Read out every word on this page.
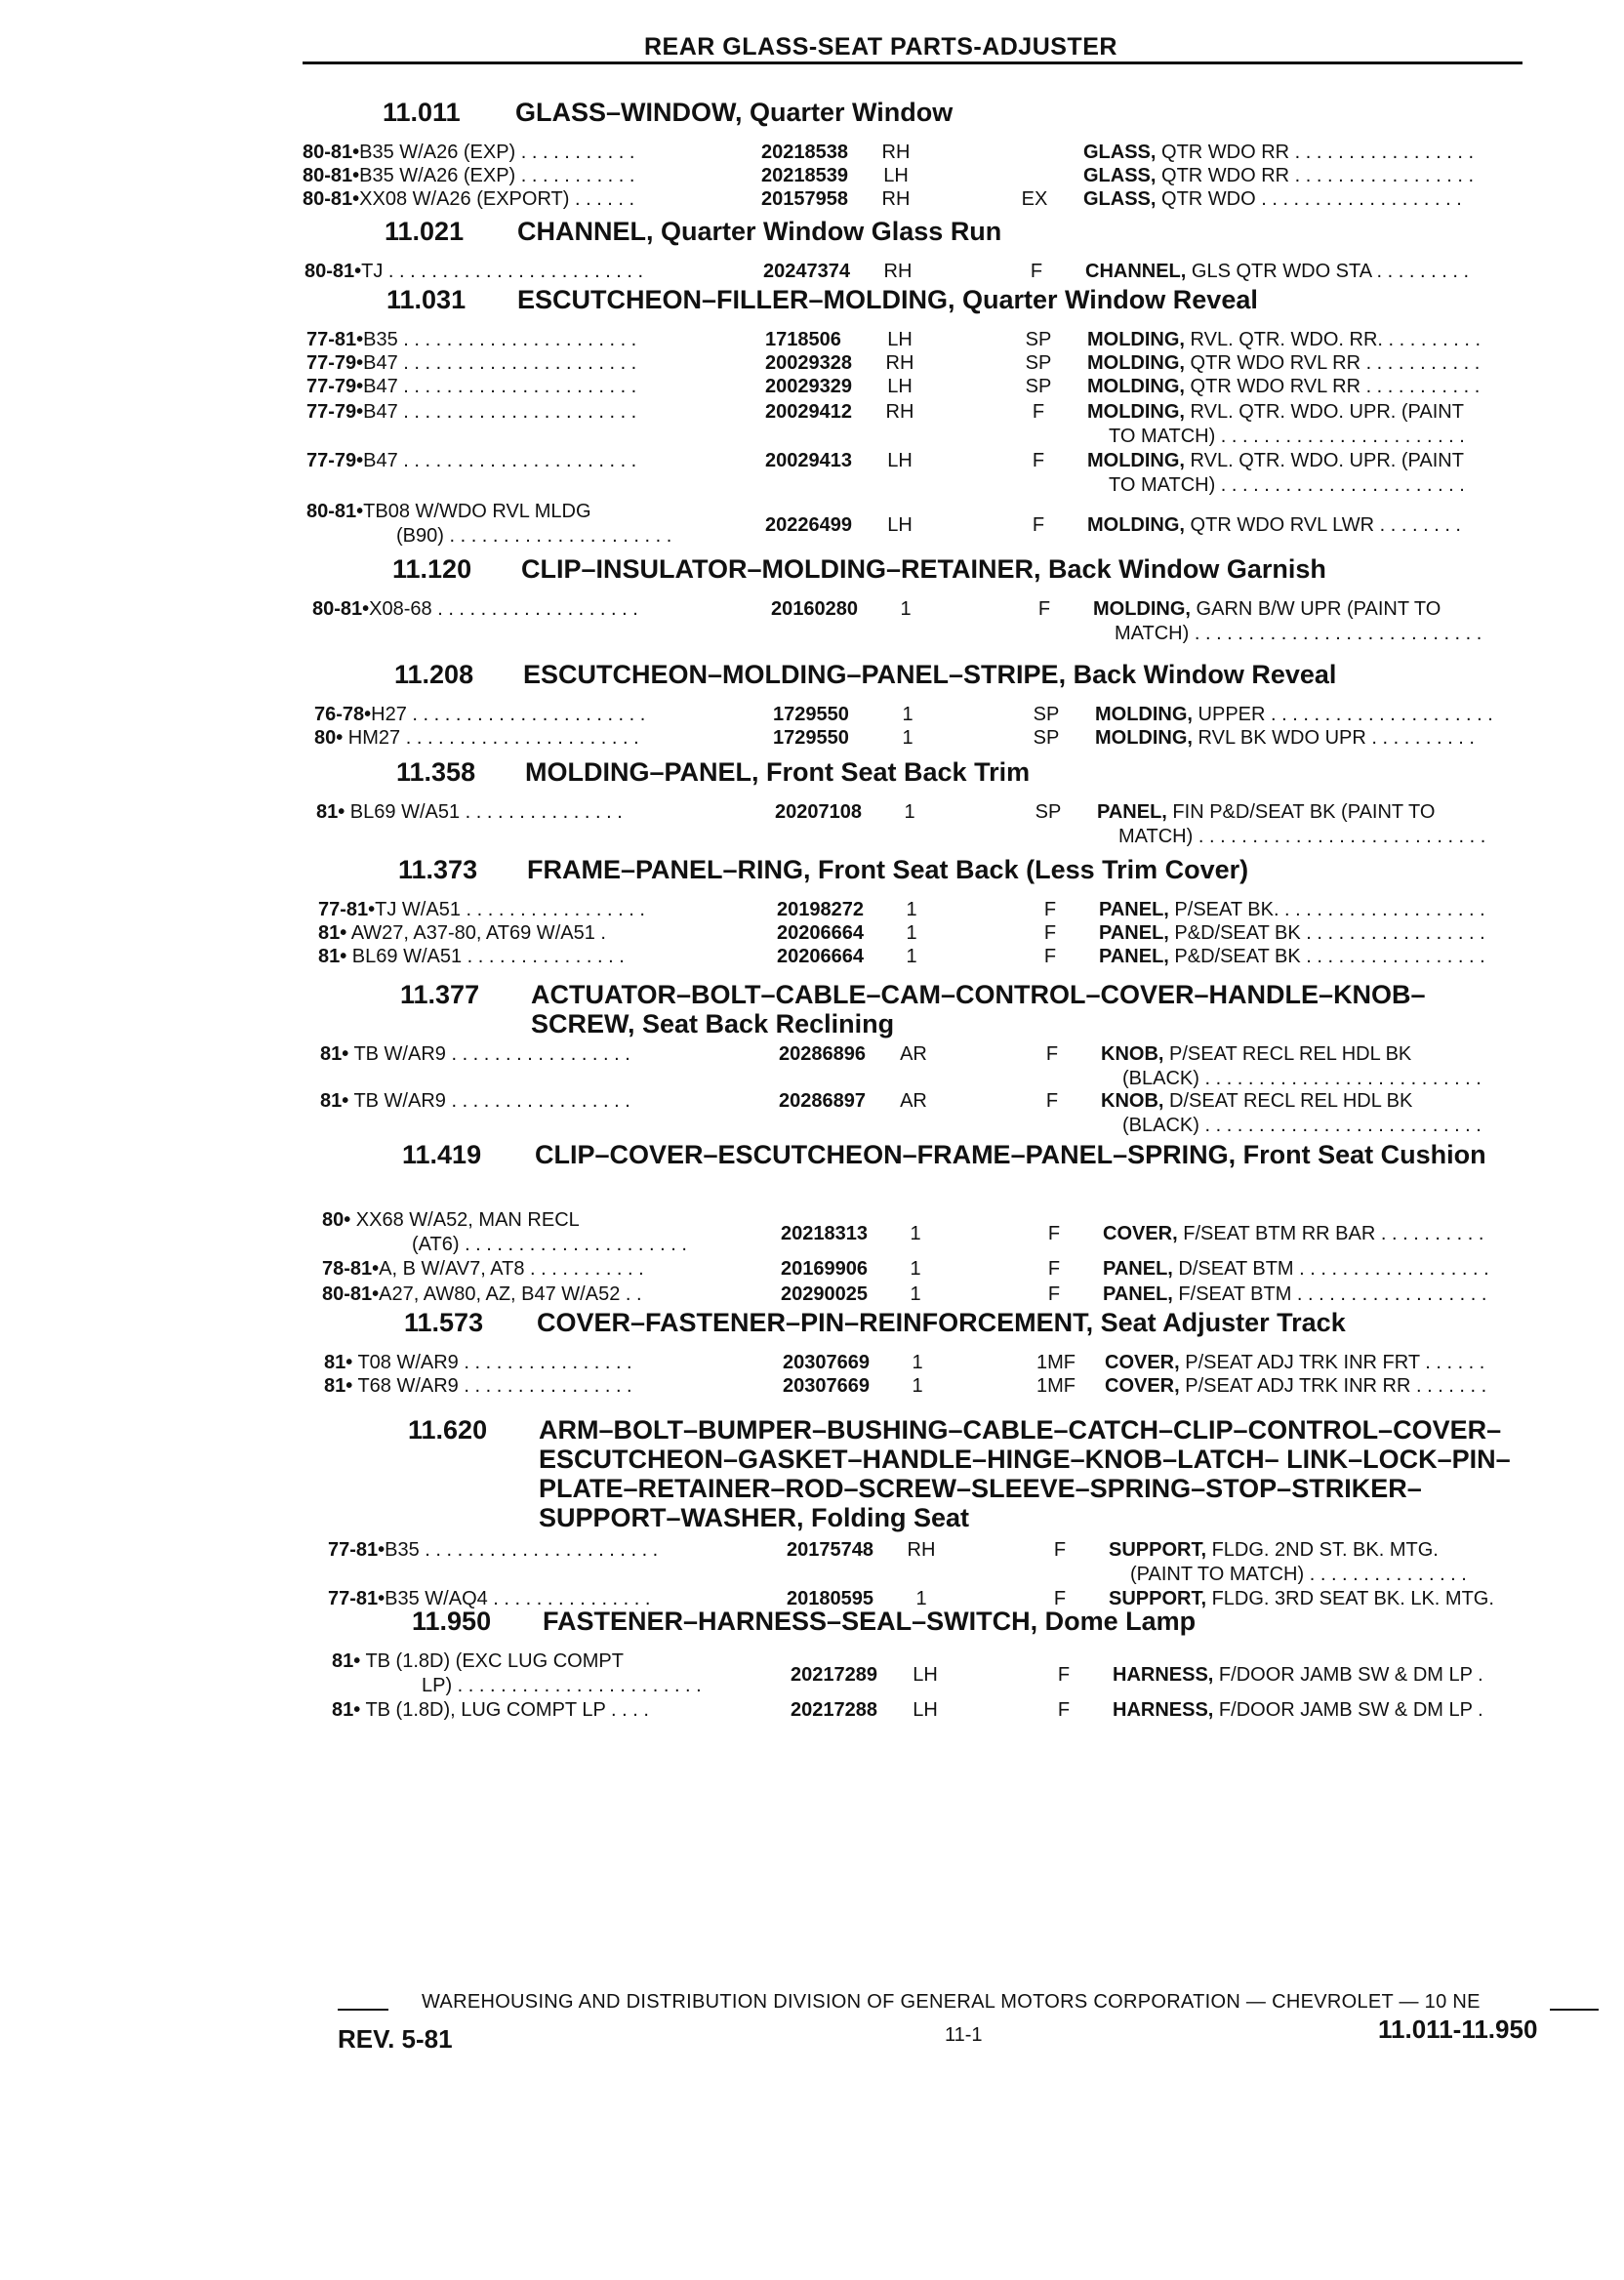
REAR GLASS-SEAT PARTS-ADJUSTER
11.011 GLASS–WINDOW, Quarter Window
80-81•B35 W/A26 (EXP) . . . . . . . . . . .	20218538 RH	GLASS, QTR WDO RR . . . . . . . . . . . . . . . . .
80-81•B35 W/A26 (EXP) . . . . . . . . . . .	20218539	LH	GLASS, QTR WDO RR . . . . . . . . . . . . . . . . .
80-81•XX08 W/A26 (EXPORT) . . . . . .	20157958 RH	EX	GLASS, QTR WDO . . . . . . . . . . . . . . . . . . .
11.021 CHANNEL, Quarter Window Glass Run
80-81•TJ . . . . . . . . . . . . . . . . . . . . . . . .	20247374 RH	F	CHANNEL, GLS QTR WDO STA . . . . . . . . .
11.031 ESCUTCHEON–FILLER–MOLDING, Quarter Window Reveal
77-81•B35 . . . . . . . . . . . . . . . . . . . . . .	1718506	LH	SP	MOLDING, RVL. QTR. WDO. RR. . . . . . . . . .
77-79•B47 . . . . . . . . . . . . . . . . . . . . . .	20029328 RH	SP	MOLDING, QTR WDO RVL RR . . . . . . . . . . .
77-79•B47 . . . . . . . . . . . . . . . . . . . . . .	20029329	LH	SP	MOLDING, QTR WDO RVL RR . . . . . . . . . . .
77-79•B47 . . . . . . . . . . . . . . . . . . . . . .	20029412 RH	F	MOLDING, RVL. QTR. WDO. UPR. (PAINT
TO MATCH) . . . . . . . . . . . . . . . . . . . . . . .
77-79•B47 . . . . . . . . . . . . . . . . . . . . . .	20029413	LH	F	MOLDING, RVL. QTR. WDO. UPR. (PAINT
TO MATCH) . . . . . . . . . . . . . . . . . . . . . . .
80-81•TB08 W/WDO RVL MLDG
(B90) . . . . . . . . . . . . . . . . . . . . .	20226499	LH	F	MOLDING, QTR WDO RVL LWR . . . . . . . .
11.120 CLIP–INSULATOR–MOLDING–RETAINER, Back Window Garnish
80-81•X08-68 . . . . . . . . . . . . . . . . . . .	20160280	1	F	MOLDING, GARN B/W UPR (PAINT TO
MATCH) . . . . . . . . . . . . . . . . . . . . . . . . . . .
11.208 ESCUTCHEON–MOLDING–PANEL–STRIPE, Back Window Reveal
76-78•H27 . . . . . . . . . . . . . . . . . . . . . .	1729550	1	SP	MOLDING, UPPER . . . . . . . . . . . . . . . . . . . . .
80• HM27 . . . . . . . . . . . . . . . . . . . . . .	1729550	1	SP	MOLDING, RVL BK WDO UPR . . . . . . . . . .
11.358 MOLDING–PANEL, Front Seat Back Trim
81• BL69 W/A51 . . . . . . . . . . . . . . .	20207108	1	SP	PANEL, FIN P&D/SEAT BK (PAINT TO
MATCH) . . . . . . . . . . . . . . . . . . . . . . . . . . .
11.373 FRAME–PANEL–RING, Front Seat Back (Less Trim Cover)
77-81•TJ W/A51 . . . . . . . . . . . . . . . . .	20198272	1	F	PANEL, P/SEAT BK. . . . . . . . . . . . . . . . . . . .
81• AW27, A37-80, AT69 W/A51 .	20206664	1	F	PANEL, P&D/SEAT BK . . . . . . . . . . . . . . . . .
81• BL69 W/A51 . . . . . . . . . . . . . . .	20206664	1	F	PANEL, P&D/SEAT BK . . . . . . . . . . . . . . . . .
11.377 ACTUATOR–BOLT–CABLE–CAM–CONTROL–COVER–HANDLE–KNOB–SCREW, Seat Back Reclining
81• TB W/AR9 . . . . . . . . . . . . . . . . .	20286896	AR	F	KNOB, P/SEAT RECL REL HDL BK
(BLACK) . . . . . . . . . . . . . . . . . . . . . . . . . .
81• TB W/AR9 . . . . . . . . . . . . . . . . .	20286897	AR	F	KNOB, D/SEAT RECL REL HDL BK
(BLACK) . . . . . . . . . . . . . . . . . . . . . . . . . .
11.419 CLIP–COVER–ESCUTCHEON–FRAME–PANEL–SPRING, Front Seat Cushion
80• XX68 W/A52, MAN RECL
(AT6) . . . . . . . . . . . . . . . . . . . . .	20218313	1	F	COVER, F/SEAT BTM RR BAR . . . . . . . . . .
78-81•A, B W/AV7, AT8 . . . . . . . . . . .	20169906	1	F	PANEL, D/SEAT BTM . . . . . . . . . . . . . . . . . .
80-81•A27, AW80, AZ, B47 W/A52 . .	20290025	1	F	PANEL, F/SEAT BTM . . . . . . . . . . . . . . . . . .
11.573 COVER–FASTENER–PIN–REINFORCEMENT, Seat Adjuster Track
81• T08 W/AR9 . . . . . . . . . . . . . . . .	20307669	1	1MF	COVER, P/SEAT ADJ TRK INR FRT . . . . . .
81• T68 W/AR9 . . . . . . . . . . . . . . . .	20307669	1	1MF	COVER, P/SEAT ADJ TRK INR RR . . . . . . .
11.620 ARM–BOLT–BUMPER–BUSHING–CABLE–CATCH–CLIP–CONTROL–COVER–ESCUTCHEON–GASKET–HANDLE–HINGE–KNOB–LATCH– LINK–LOCK–PIN–PLATE–RETAINER–ROD–SCREW–SLEEVE–SPRING–STOP–STRIKER–SUPPORT–WASHER, Folding Seat
77-81•B35 . . . . . . . . . . . . . . . . . . . . . .	20175748 RH	F	SUPPORT, FLDG. 2ND ST. BK. MTG.
(PAINT TO MATCH) . . . . . . . . . . . . . . .
77-81•B35 W/AQ4 . . . . . . . . . . . . . . .	20180595	1	F	SUPPORT, FLDG. 3RD SEAT BK. LK. MTG.
11.950 FASTENER–HARNESS–SEAL–SWITCH, Dome Lamp
81• TB (1.8D) (EXC LUG COMPT
LP) . . . . . . . . . . . . . . . . . . . . . . .	20217289	LH	F	HARNESS, F/DOOR JAMB SW & DM LP .
81• TB (1.8D), LUG COMPT LP . . . .	20217288	LH	F	HARNESS, F/DOOR JAMB SW & DM LP .
WAREHOUSING AND DISTRIBUTION DIVISION OF GENERAL MOTORS CORPORATION — CHEVROLET — 10 NE
REV. 5-81	11-1	11.011-11.950
